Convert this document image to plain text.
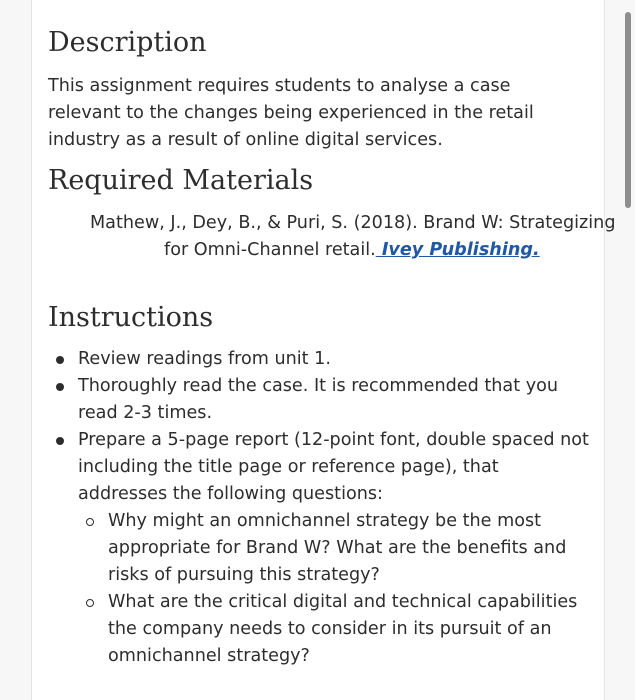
Description

This assignment requires students to analyse a case relevant to the changes being experienced in the retail industry as a result of online digital services.

Required Materials
Mathew, J., Dey, B., & Puri, S. (2018). Brand W: Strategizing for Omni-Channel retail. Ivey Publishing.
Instructions
Review readings from unit 1.
Thoroughly read the case. It is recommended that you read 2-3 times.
Prepare a 5-page report (12-point font, double spaced not including the title page or reference page), that addresses the following questions:
Why might an omnichannel strategy be the most appropriate for Brand W? What are the benefits and risks of pursuing this strategy?
What are the critical digital and technical capabilities the company needs to consider in its pursuit of an omnichannel strategy?
